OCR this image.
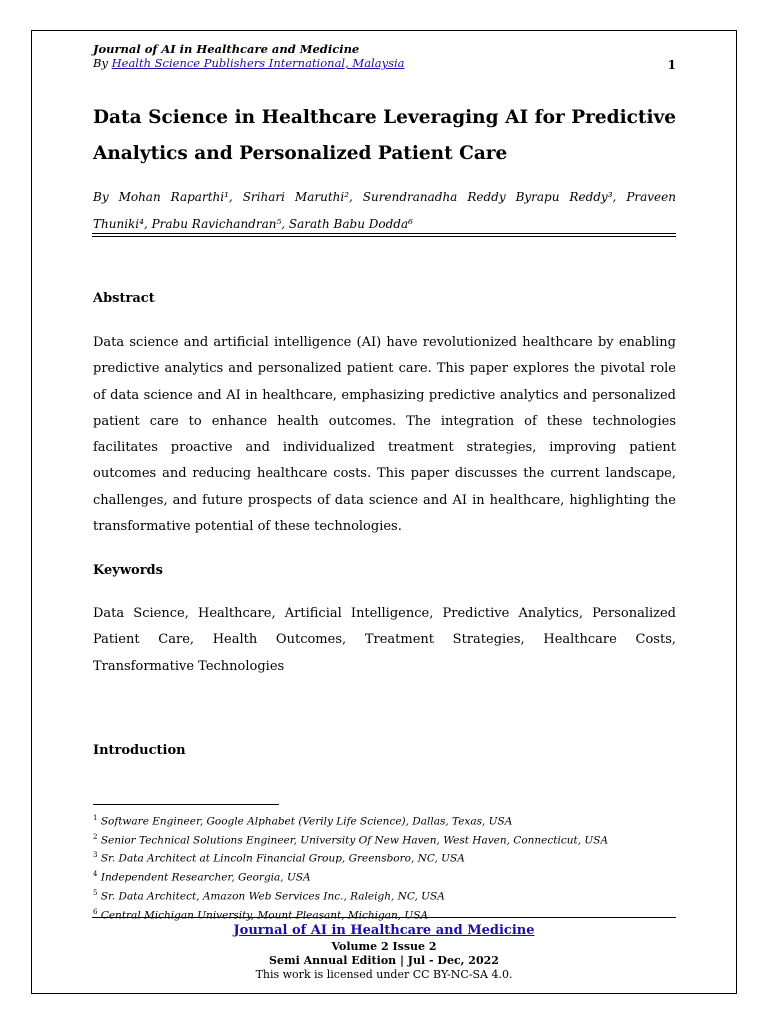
Journal of AI in Healthcare and Medicine
By Health Science Publishers International, Malaysia	1
Data Science in Healthcare Leveraging AI for Predictive Analytics and Personalized Patient Care
By Mohan Raparthi¹, Srihari Maruthi², Surendranadha Reddy Byrapu Reddy³, Praveen Thuniki⁴, Prabu Ravichandran⁵, Sarath Babu Dodda⁶
Abstract
Data science and artificial intelligence (AI) have revolutionized healthcare by enabling predictive analytics and personalized patient care. This paper explores the pivotal role of data science and AI in healthcare, emphasizing predictive analytics and personalized patient care to enhance health outcomes. The integration of these technologies facilitates proactive and individualized treatment strategies, improving patient outcomes and reducing healthcare costs. This paper discusses the current landscape, challenges, and future prospects of data science and AI in healthcare, highlighting the transformative potential of these technologies.
Keywords
Data Science, Healthcare, Artificial Intelligence, Predictive Analytics, Personalized Patient Care, Health Outcomes, Treatment Strategies, Healthcare Costs, Transformative Technologies
Introduction
$^1$ Software Engineer, Google Alphabet (Verily Life Science), Dallas, Texas, USA
$^2$ Senior Technical Solutions Engineer, University Of New Haven, West Haven, Connecticut, USA
$^3$ Sr. Data Architect at Lincoln Financial Group, Greensboro, NC, USA
$^4$ Independent Researcher, Georgia, USA
$^5$ Sr. Data Architect, Amazon Web Services Inc., Raleigh, NC, USA
$^6$ Central Michigan University, Mount Pleasant, Michigan, USA
Journal of AI in Healthcare and Medicine
Volume 2 Issue 2
Semi Annual Edition | Jul - Dec, 2022
This work is licensed under CC BY-NC-SA 4.0.
